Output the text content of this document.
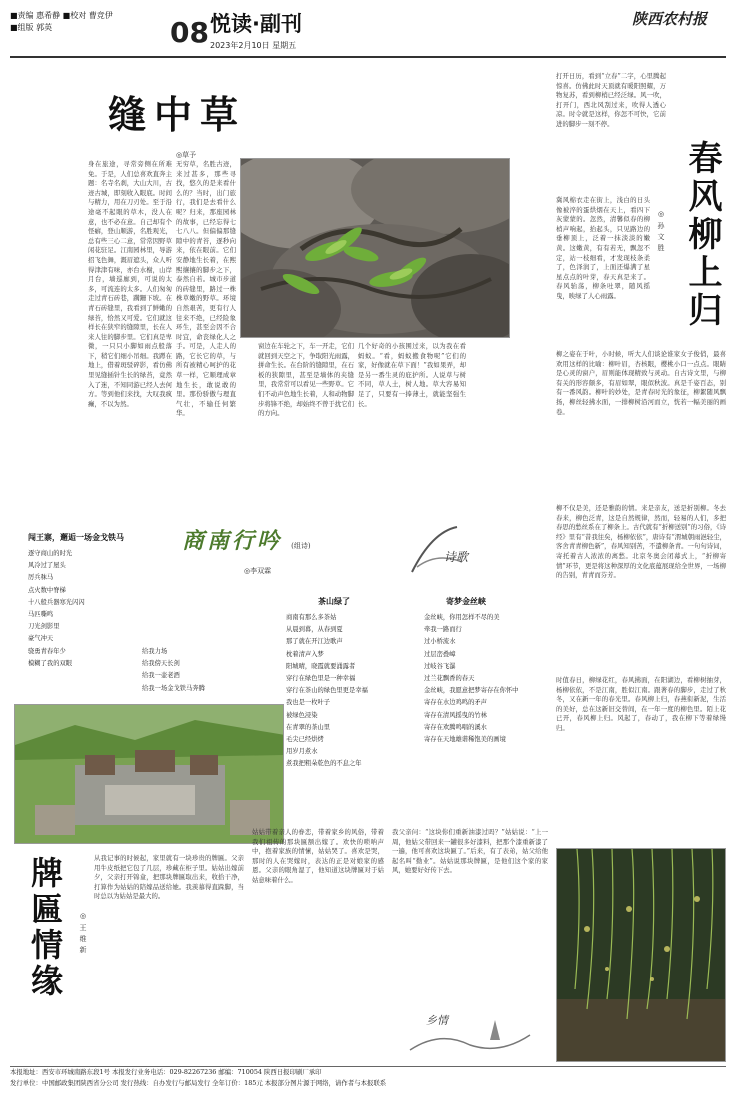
■责编 惠希静 ■校对 曹竞伊
■组版 郭英	08 悦读·副刊
2023年2月10日 星期五
陕西农村报
缝中草
◎草予
身在旅途，寻常旁侧在所难免。于是，人们总喜欢直奔主题：名寺名刹，大山大川，古迹古城，即刻收入眼底。时间与精力，用在刀刃处。至于沿途毫不起眼的草木，没人在意，也不必在意。自己却有个怪癖，登山顺游，名胜观光，总有些三心二意，常常因野草闲花驻足。江南园林里，导游招飞色舞，溉眉遮头，众人听得津津有味，亦台水榭，山岸月台，墙巡廊到，可说的太多，可流连的太多。人们匆匆走过青石砖巷，蹒跚下坡。在青石砖缝里，我看到了鲜嫩的绿苔，恰然又可爱。它们就这样长在狭窄的缝隙里，长在人来人往的脚步里。它们真是卑微，一只只小脚如雨点般落下，稍它们细小吊细。我蹲在地上，借着斑驳碎影，看仿佛里见缝插针生长的绿苔，竟然入了迷，不知同游已经人去何方。等到他们来找，大叹我疯癫，不以为然。
无穷草，名胜古迹，来过甚多，那些寻找，悠久的是来看什么的？当时，出门旅行，我们是去看什么呢？归来，那座园林的故事，已经忘得七七八八。但偏偏那缝隙中的青苔，逐秒向来，依在眼前。它们安静地生长着，在熙熙攘攘的脚步之下，泰然自若。城市步道的砖缝里，路过一株株草嫩的野草。环境自然艰苦，更有行人往来不绝，已经险象环生，甚至会因不合时宜，命丧绿化人之手。可是，人走人的路，它长它的草，与所有被精心呵护的花草一样，它顺理成章地生长，敢说敢的里。那份骄傲与理直气壮，不输任何繁华。
窗边在车轮之下，车一开走，它们就回到天空之下，争取阳光雨露，拼命生长。在台阶的缝隙里，在石板的狭隙里，甚至是墙体的夹缝里，我常常可以看见一些野草。它们不动声色地生长着，人和动物脚步将锋不绝，却始终不曾于扰它们的方向。
几个好奇的小孩围过来，以为我在看蚂蚁。“看，蚂蚁搬食物呢”它们的家，好像就在草下面！”我如果弄，却是另一番生灵的庇护所。人说草与树不同，草人土，树人地。草大容易知足了，只要有一捧薄土，就能坚强生长。
打开日历，看到“立春”二字，心里腾起惊喜。仿佛此时天顶就有暖阳照耀，万物复苏，看到柳梢已经泛绿。风一吹，打开门，西北风刮过来，吹得人透心凉。时令就是这样，你怎不可快，它前进的脚步一刻不停。
春风柳上归
◎孙文胜
冀风棉衣走在街上，浅白的日头像被淬的蛋烘烟在天上，看四下灰蒙蒙的。忽然，清馨似春的柳梢声响起，抬起头，只见路边的垂柳顶上，泛着一抹淡淡的嫩黄。这嫩黄，有有若无，飘忽不定，站一枝细看，才发现枝条柔了，色泽润了，上面还爆满了星星点点的叶芽，春天真是来了。春风骀荡，柳条吐翠，随风摇曳，映绿了人心雨露。
柳之姿在于叶，小时候，听大人们谈论谁家女子俊俏，最喜欢用这样的比喻：柳叶眉，杏核眼，樱桃小口一点点。眼睛是心灵的窗户，眉则能体现精致与灵动。自古诗文里，与柳有关的形容颇多，有眉如翠，眼似秋波。真是千姿百态，别有一番风韵。柳叶的妙处，是青春时光的象征，柳絮随风飘扬，柳丝轻拂水面，一排柳树沿河而立，恍若一幅美丽的画卷。
柳不仅是美，还是雅韵的情。来是亲友，送是折别柳。冬去春来，柳色泛青，这是自然规律，然而，轻易的人们，多把春思的愁丝系在了柳条上。古代就有“折柳送别”的习俗，《诗经》里有“昔我往矣，杨柳依依”，唐诗有“渭城朝雨浥轻尘，客舍青青柳色新”，春风知别苦，不遣柳条青。一句句诗词，寄托着古人浓浓的离愁。北京冬奥会闭幕式上，“折柳寄情”环节，更是将这种深厚的文化底蕴展现给全世界，一场柳的告别，青青而芬芳。
时值春日，柳绿花红，春风拂面，在阳湖边，看柳树抽芽，杨柳依依，不是江南，胜似江南。跟著春的脚步，走过了秋冬，又在新一年的春光里。春风柳上归，春燕衔新泥，生活的美好，总在这新旧交替间，在一年一度的柳色里。陌上花已开，春风柳上归。风起了，春动了，我在柳下等着绿缦归。
商南行吟 (组诗)
◎李双霖
诗歌
闯王寨，邂逅一场金戈铁马
逐守商山的时光
风冷过了屋头
厉兵秣马
点火数中脊梯
十八般兵器寒光闪闪
马匹嘶鸣
刀光剑影里
豪气冲天
骁勇青春年少
模糊了我的双眼
给我力场
给我傍天长剑
给我一壶老酒
给我一场金戈铁马奔腾
茶山绿了
商南有那么多茶姑
从晨到暮，从春到夏
那了就在开江边歌声
枕着清声入梦
阳城晴，晓霞就要涌露者
穿行在绿色里是一种幸福
穿行在茶山的绿色里更是幸福
我也是一枚叶子
被绿色浸染
在青翠的茶山里
毛尖已经烘烤
用岁月煮水
煮我把粗朵乾色的不息之年
寄梦金丝峡
金丝峡，你用怎样不尽的美
牵我一路而行
过小桥流水
过层峦叠嶂
过岐谷飞瀑
过兰花飘香的春天
金丝峡，我愿意把梦寄存在你怀中
寄存在水边鸡鸣的矛声
寄存在清风摇曳的竹林
寄存在欢腾鸣唱的溪水
寄存在天地雄谐稀饱美的画境
牌匾情缘	◎王维新
从我记事的时候起，家里就有一块珍贵的牌匾。父亲用牛皮纸把它包了几层，珍藏在柜子里。姑姑出嫁前夕，父亲打开锦盒，把那块牌匾取出来，收拾干净，打算作为姑姑的陪嫁品送给她。我羡慕得直跺脚，当时总以为姑姑是最大的。
姑姑带着亲人的眷恋，带着家乡的风俗，带着我们祖传的那块匾额出嫁了。欢快的唢呐声中，抱着家族的情愫，姑姑哭了。喜欢是哭，那时的人在哭嫁时，表达的正是对娘家的感恩。父亲的眼角湿了，他知道这块牌匾对于姑姑意味着什么。
我父亲问：“这块你们重新油漆过吗？”姑姑说：“上一周，他姑父带回来一罐很多好漆料，把那个漆重新漆了一遍，他可喜欢这块匾了。”后来，有了表弟，姑父给他起名叫“勤业”。姑姑说那块牌匾，是他们这个家的家风，她要好好传下去。
乡情
本报地址：西安市环城南路东段1号 本报发行业务电话：029-82267236 邮编：710054 陕西日报印刷厂承印
发行单位：中国邮政集团陕西省分公司 发行热线：自办发行与邮局发行 全年订价：185元 本报部分图片源于网络，请作者与本报联系
